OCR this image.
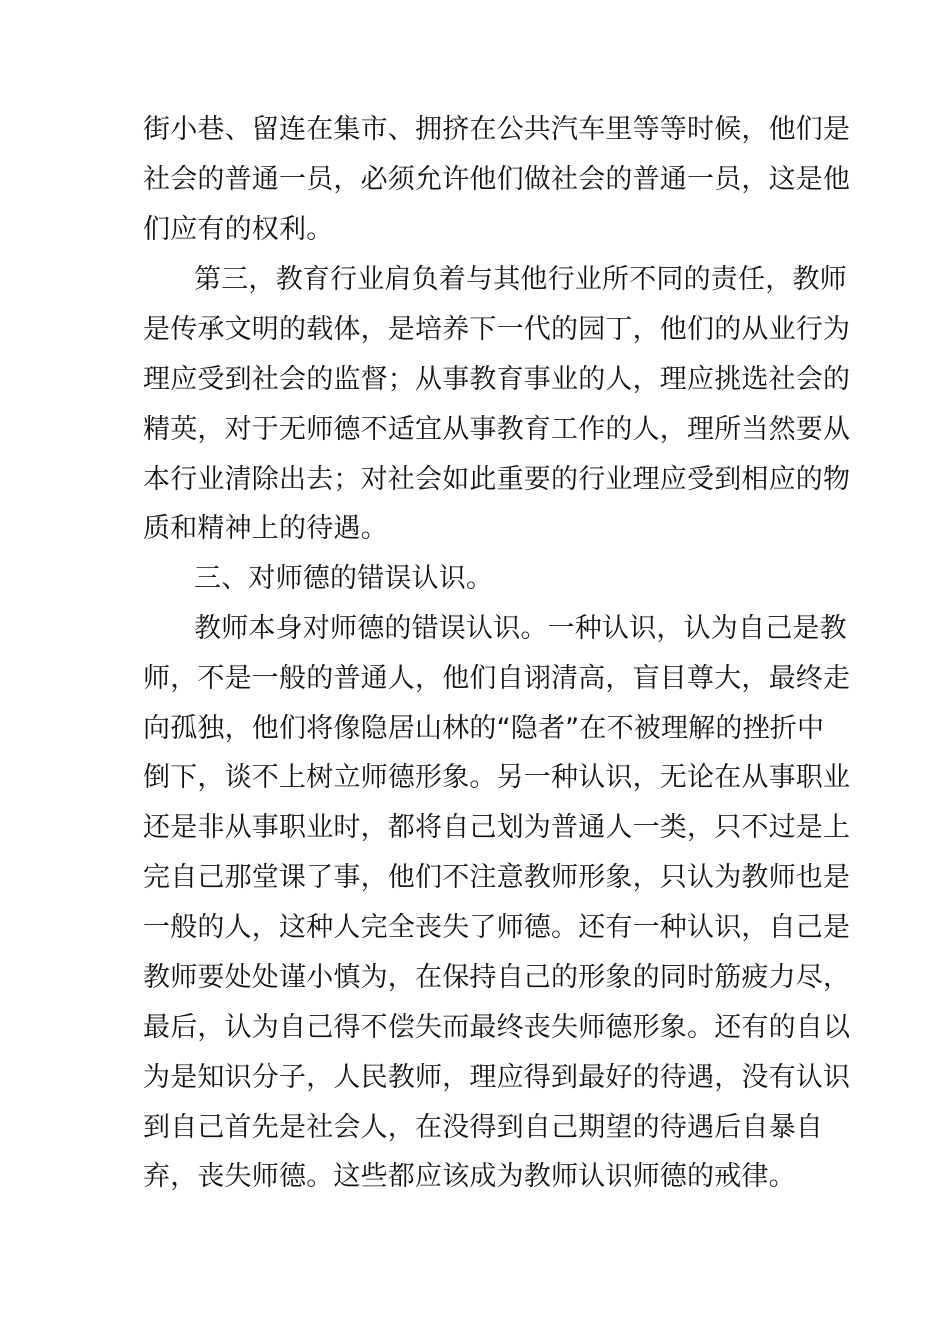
街小巷、留连在集市、拥挤在公共汽车里等等时候，他们是
社会的普通一员，必须允许他们做社会的普通一员，这是他
们应有的权利。
第三，教育行业肩负着与其他行业所不同的责任，教师
是传承文明的载体，是培养下一代的园丁，他们的从业行为
理应受到社会的监督；从事教育事业的人，理应挑选社会的
精英，对于无师德不适宜从事教育工作的人，理所当然要从
本行业清除出去；对社会如此重要的行业理应受到相应的物
质和精神上的待遇。
三、对师德的错误认识。
教师本身对师德的错误认识。一种认识，认为自己是教
师，不是一般的普通人，他们自诩清高，盲目尊大，最终走
向孤独，他们将像隐居山林的“隐者”在不被理解的挫折中
倒下，谈不上树立师德形象。另一种认识，无论在从事职业
还是非从事职业时，都将自己划为普通人一类，只不过是上
完自己那堂课了事，他们不注意教师形象，只认为教师也是
一般的人，这种人完全丧失了师德。还有一种认识，自己是
教师要处处谨小慎为，在保持自己的形象的同时筋疲力尽，
最后，认为自己得不偿失而最终丧失师德形象。还有的自以
为是知识分子，人民教师，理应得到最好的待遇，没有认识
到自己首先是社会人，在没得到自己期望的待遇后自暴自
弃，丧失师德。这些都应该成为教师认识师德的戒律。
